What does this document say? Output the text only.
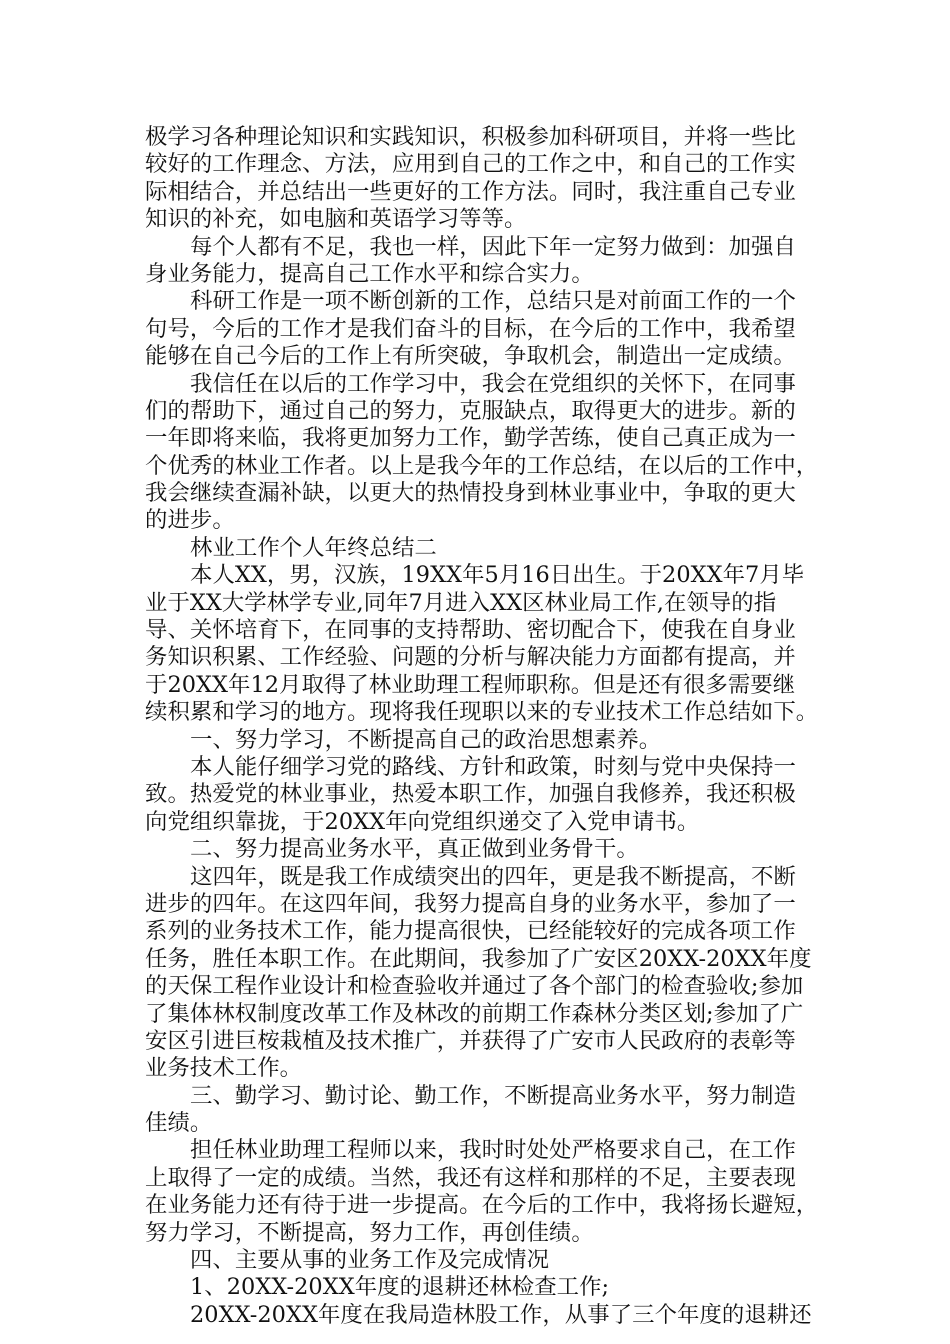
极学习各种理论知识和实践知识，积极参加科研项目，并将一些比
较好的工作理念、方法，应用到自己的工作之中，和自己的工作实
际相结合，并总结出一些更好的工作方法。同时，我注重自己专业
知识的补充，如电脑和英语学习等等。
每个人都有不足，我也一样，因此下年一定努力做到：加强自
身业务能力，提高自己工作水平和综合实力。
科研工作是一项不断创新的工作，总结只是对前面工作的一个
句号，今后的工作才是我们奋斗的目标，在今后的工作中，我希望
能够在自己今后的工作上有所突破，争取机会，制造出一定成绩。
我信任在以后的工作学习中，我会在党组织的关怀下，在同事
们的帮助下，通过自己的努力，克服缺点，取得更大的进步。新的
一年即将来临，我将更加努力工作，勤学苦练，使自己真正成为一
个优秀的林业工作者。以上是我今年的工作总结，在以后的工作中，
我会继续查漏补缺，以更大的热情投身到林业事业中，争取的更大
的进步。
林业工作个人年终总结二
本人XX，男，汉族，19XX年5月16日出生。于20XX年7月毕
业于XX大学林学专业,同年7月进入XX区林业局工作,在领导的指
导、关怀培育下，在同事的支持帮助、密切配合下，使我在自身业
务知识积累、工作经验、问题的分析与解决能力方面都有提高，并
于20XX年12月取得了林业助理工程师职称。但是还有很多需要继
续积累和学习的地方。现将我任现职以来的专业技术工作总结如下。
一、努力学习，不断提高自己的政治思想素养。
本人能仔细学习党的路线、方针和政策，时刻与党中央保持一
致。热爱党的林业事业，热爱本职工作，加强自我修养，我还积极
向党组织靠拢，于20XX年向党组织递交了入党申请书。
二、努力提高业务水平，真正做到业务骨干。
这四年，既是我工作成绩突出的四年，更是我不断提高，不断
进步的四年。在这四年间，我努力提高自身的业务水平，参加了一
系列的业务技术工作，能力提高很快，已经能较好的完成各项工作
任务，胜任本职工作。在此期间，我参加了广安区20XX-20XX年度
的天保工程作业设计和检查验收并通过了各个部门的检查验收;参加
了集体林权制度改革工作及林改的前期工作森林分类区划;参加了广
安区引进巨桉栽植及技术推广，并获得了广安市人民政府的表彰等
业务技术工作。
三、勤学习、勤讨论、勤工作，不断提高业务水平，努力制造
佳绩。
担任林业助理工程师以来，我时时处处严格要求自己，在工作
上取得了一定的成绩。当然，我还有这样和那样的不足，主要表现
在业务能力还有待于进一步提高。在今后的工作中，我将扬长避短，
努力学习，不断提高，努力工作，再创佳绩。
四、主要从事的业务工作及完成情况
1、20XX-20XX年度的退耕还林检查工作;
20XX-20XX年度在我局造林股工作，从事了三个年度的退耕还
